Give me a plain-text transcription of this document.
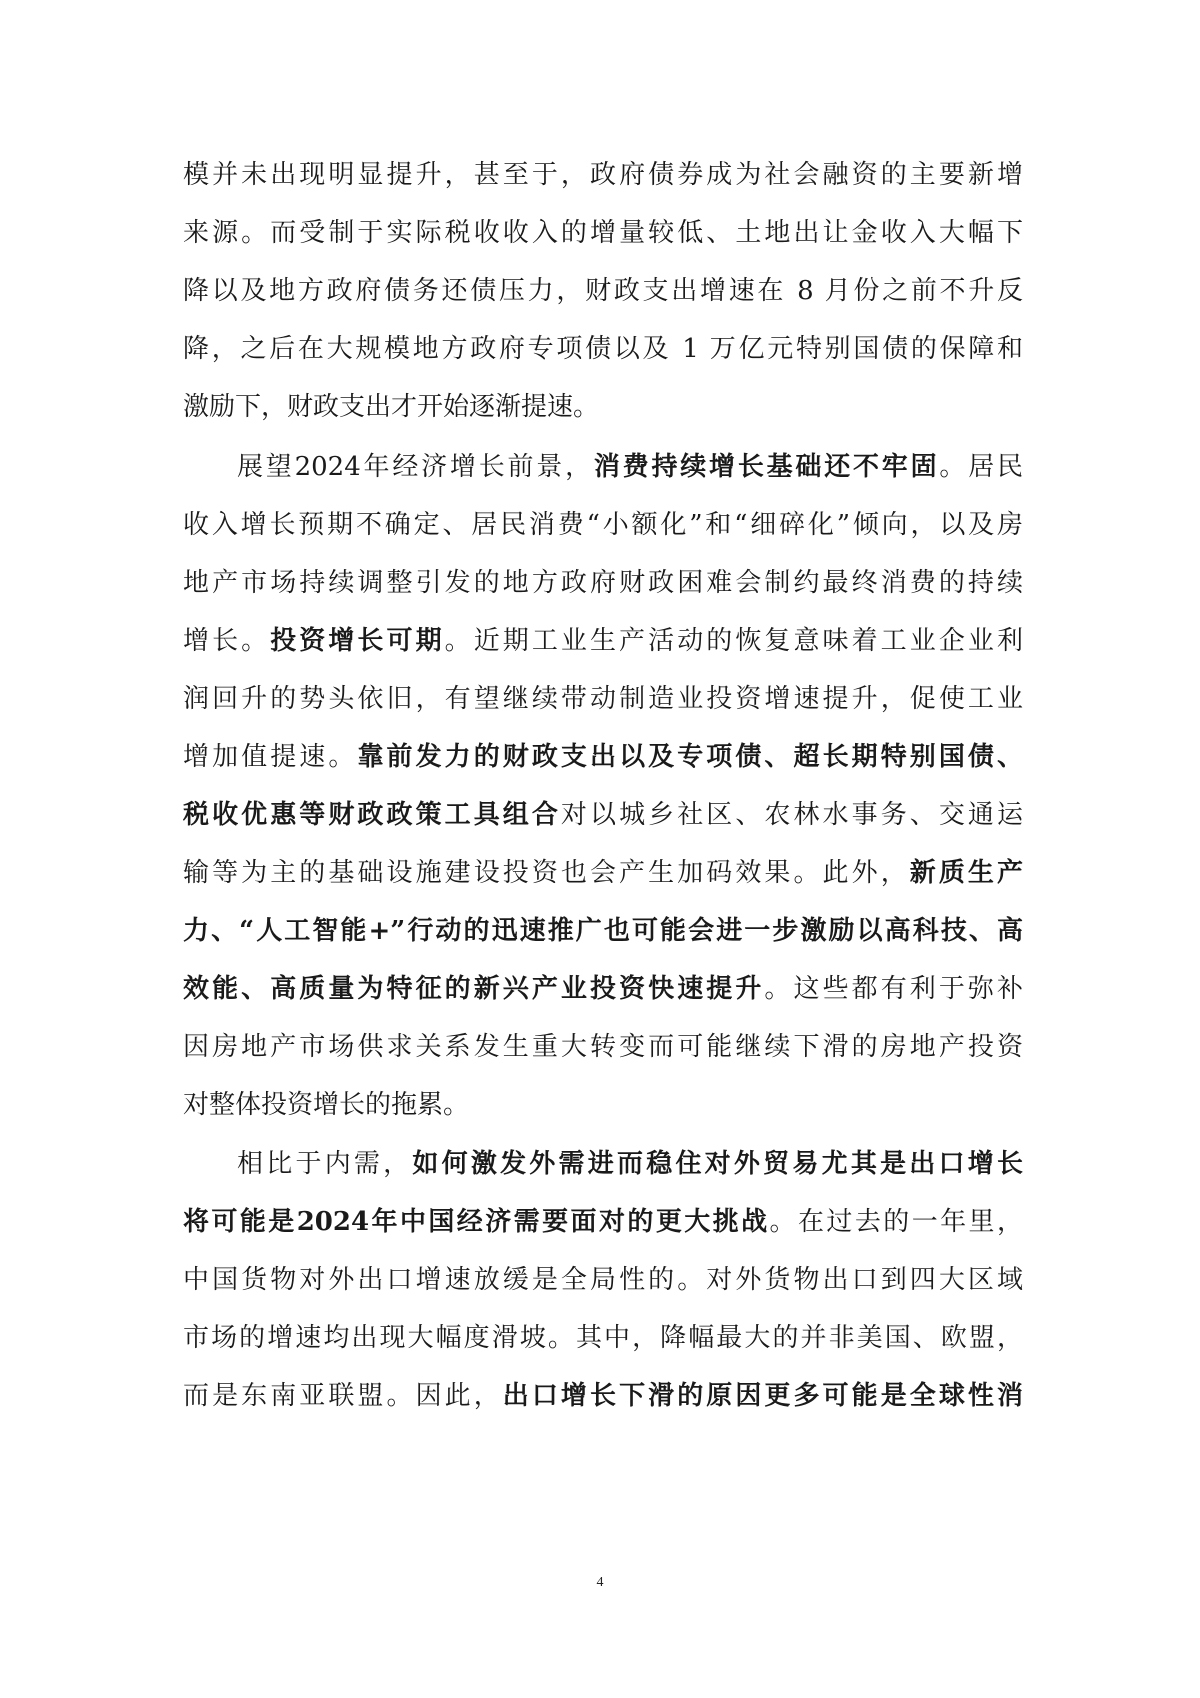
模并未出现明显提升，甚至于，政府债券成为社会融资的主要新增
来源。而受制于实际税收收入的增量较低、土地出让金收入大幅下
降以及地方政府债务还债压力，财政支出增速在 8 月份之前不升反
降，之后在大规模地方政府专项债以及 1 万亿元特别国债的保障和
激励下，财政支出才开始逐渐提速。
展望2024年经济增长前景，消费持续增长基础还不牢固。居民
收入增长预期不确定、居民消费“小额化”和“细碎化”倾向，以及房
地产市场持续调整引发的地方政府财政困难会制约最终消费的持续
增长。投资增长可期。近期工业生产活动的恢复意味着工业企业利
润回升的势头依旧，有望继续带动制造业投资增速提升，促使工业
增加值提速。靠前发力的财政支出以及专项债、超长期特别国债、
税收优惠等财政政策工具组合对以城乡社区、农林水事务、交通运
输等为主的基础设施建设投资也会产生加码效果。此外，新质生产
力、“人工智能+”行动的迅速推广也可能会进一步激励以高科技、高
效能、高质量为特征的新兴产业投资快速提升。这些都有利于弥补
因房地产市场供求关系发生重大转变而可能继续下滑的房地产投资
对整体投资增长的拖累。
相比于内需，如何激发外需进而稳住对外贸易尤其是出口增长
将可能是2024年中国经济需要面对的更大挑战。在过去的一年里，
中国货物对外出口增速放缓是全局性的。对外货物出口到四大区域
市场的增速均出现大幅度滑坡。其中，降幅最大的并非美国、欧盟，
而是东南亚联盟。因此，出口增长下滑的原因更多可能是全球性消
4
